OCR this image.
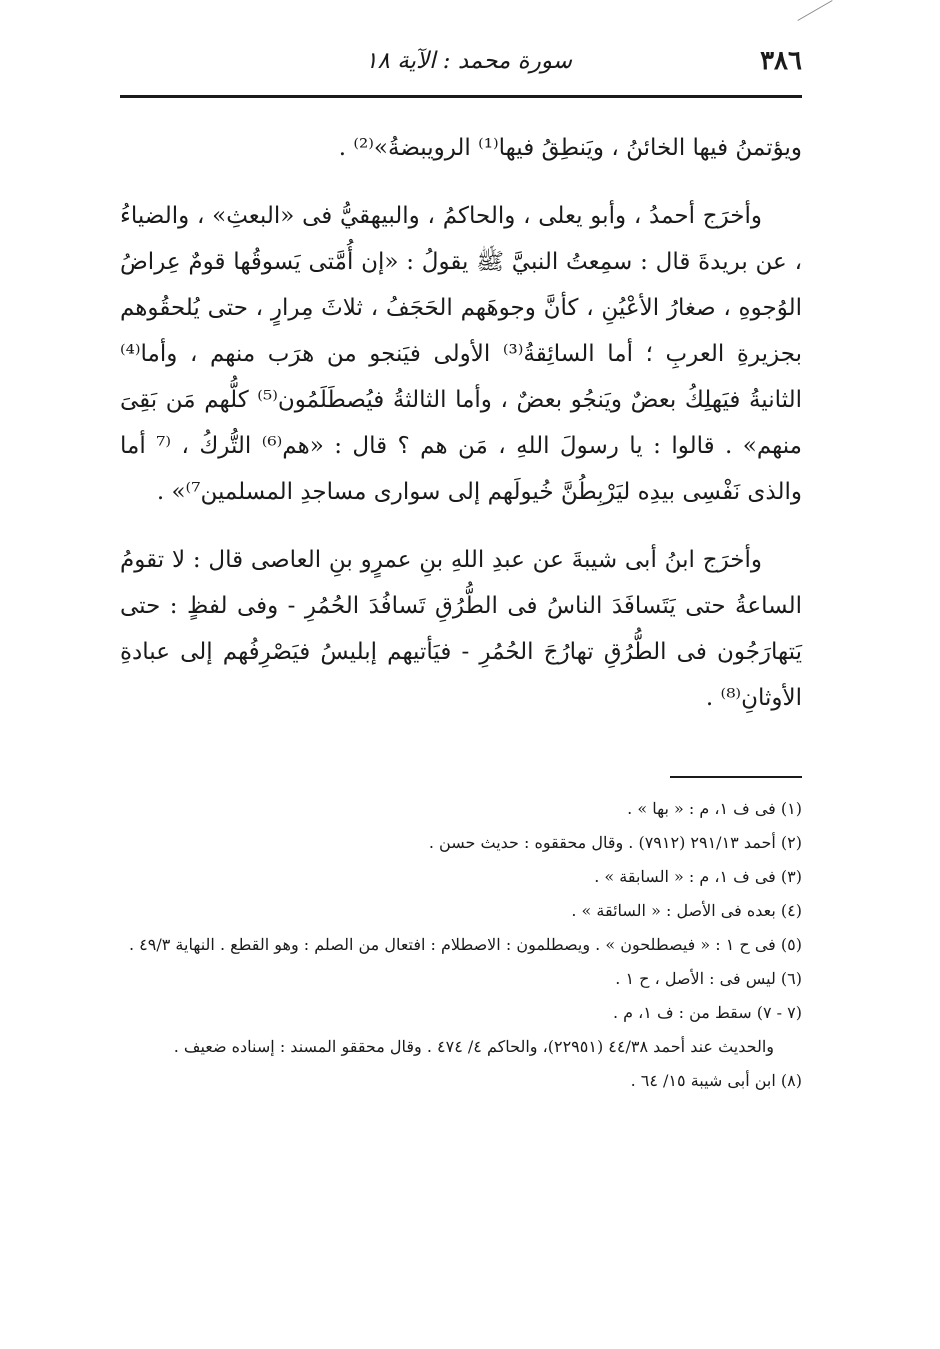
٣٨٦
سورة محمد : الآية ١٨

ويؤتمنُ فيها الخائنُ ، ويَنطِقُ فيها⁽¹⁾ الرويبضةُ»⁽²⁾ .

وأخرَج أحمدُ ، وأبو يعلى ، والحاكمُ ، والبيهقيُّ فى «البعثِ» ، والضياءُ ، عن بريدةَ قال : سمِعتُ النبيَّ ﷺ يقولُ : «إن أُمَّتى يَسوقُها قومٌ عِراضُ الوُجوهِ ، صغارُ الأعْيُنِ ، كأنَّ وجوهَهم الحَجَفُ ، ثلاثَ مِرارٍ ، حتى يُلحقُوهم بجزيرةِ العربِ ؛ أما السائِقةُ⁽³⁾ الأولى فيَنجو من هرَب منهم ، وأما⁽⁴⁾ الثانيةُ فيَهلِكُ بعضٌ ويَنجُو بعضٌ ، وأما الثالثةُ فيُصطَلَمُون⁽⁵⁾ كلُّهم مَن بَقِىَ منهم» . قالوا : يا رسولَ اللهِ ، مَن هم ؟ قال : «هم⁽⁶⁾ التُّركُ ، ⁽⁷ أما والذى نَفْسِى بيدِه ليَرْبِطُنَّ خُيولَهم إلى سوارى مساجدِ المسلمين⁷⁾» .

وأخرَج ابنُ أبى شيبةَ عن عبدِ اللهِ بنِ عمرٍو بنِ العاصى قال : لا تقومُ الساعةُ حتى يَتَسافَدَ الناسُ فى الطُّرُقِ تَسافُدَ الحُمُرِ - وفى لفظٍ : حتى يَتهارَجُون فى الطُّرُقِ تهارُجَ الحُمُرِ - فيَأتيهم إبليسُ فيَصْرِفُهم إلى عبادةِ الأوثانِ⁽⁸⁾ .

(١) فى ف ١، م : « بها » .

(٢) أحمد ٢٩١/١٣ (٧٩١٢) . وقال محققوه : حديث حسن .

(٣) فى ف ١، م : « السابقة » .

(٤) بعده فى الأصل : « السائقة » .

(٥) فى ح ١ : « فيصطلحون » . ويصطلمون : الاصطلام : افتعال من الصلم : وهو القطع . النهاية ٤٩/٣ .

(٦) ليس فى : الأصل ، ح ١ .

(٧ - ٧) سقط من : ف ١، م .

والحديث عند أحمد ٤٤/٣٨ (٢٢٩٥١)، والحاكم ٤/ ٤٧٤ . وقال محققو المسند : إسناده ضعيف .

(٨) ابن أبى شيبة ١٥/ ٦٤ .
